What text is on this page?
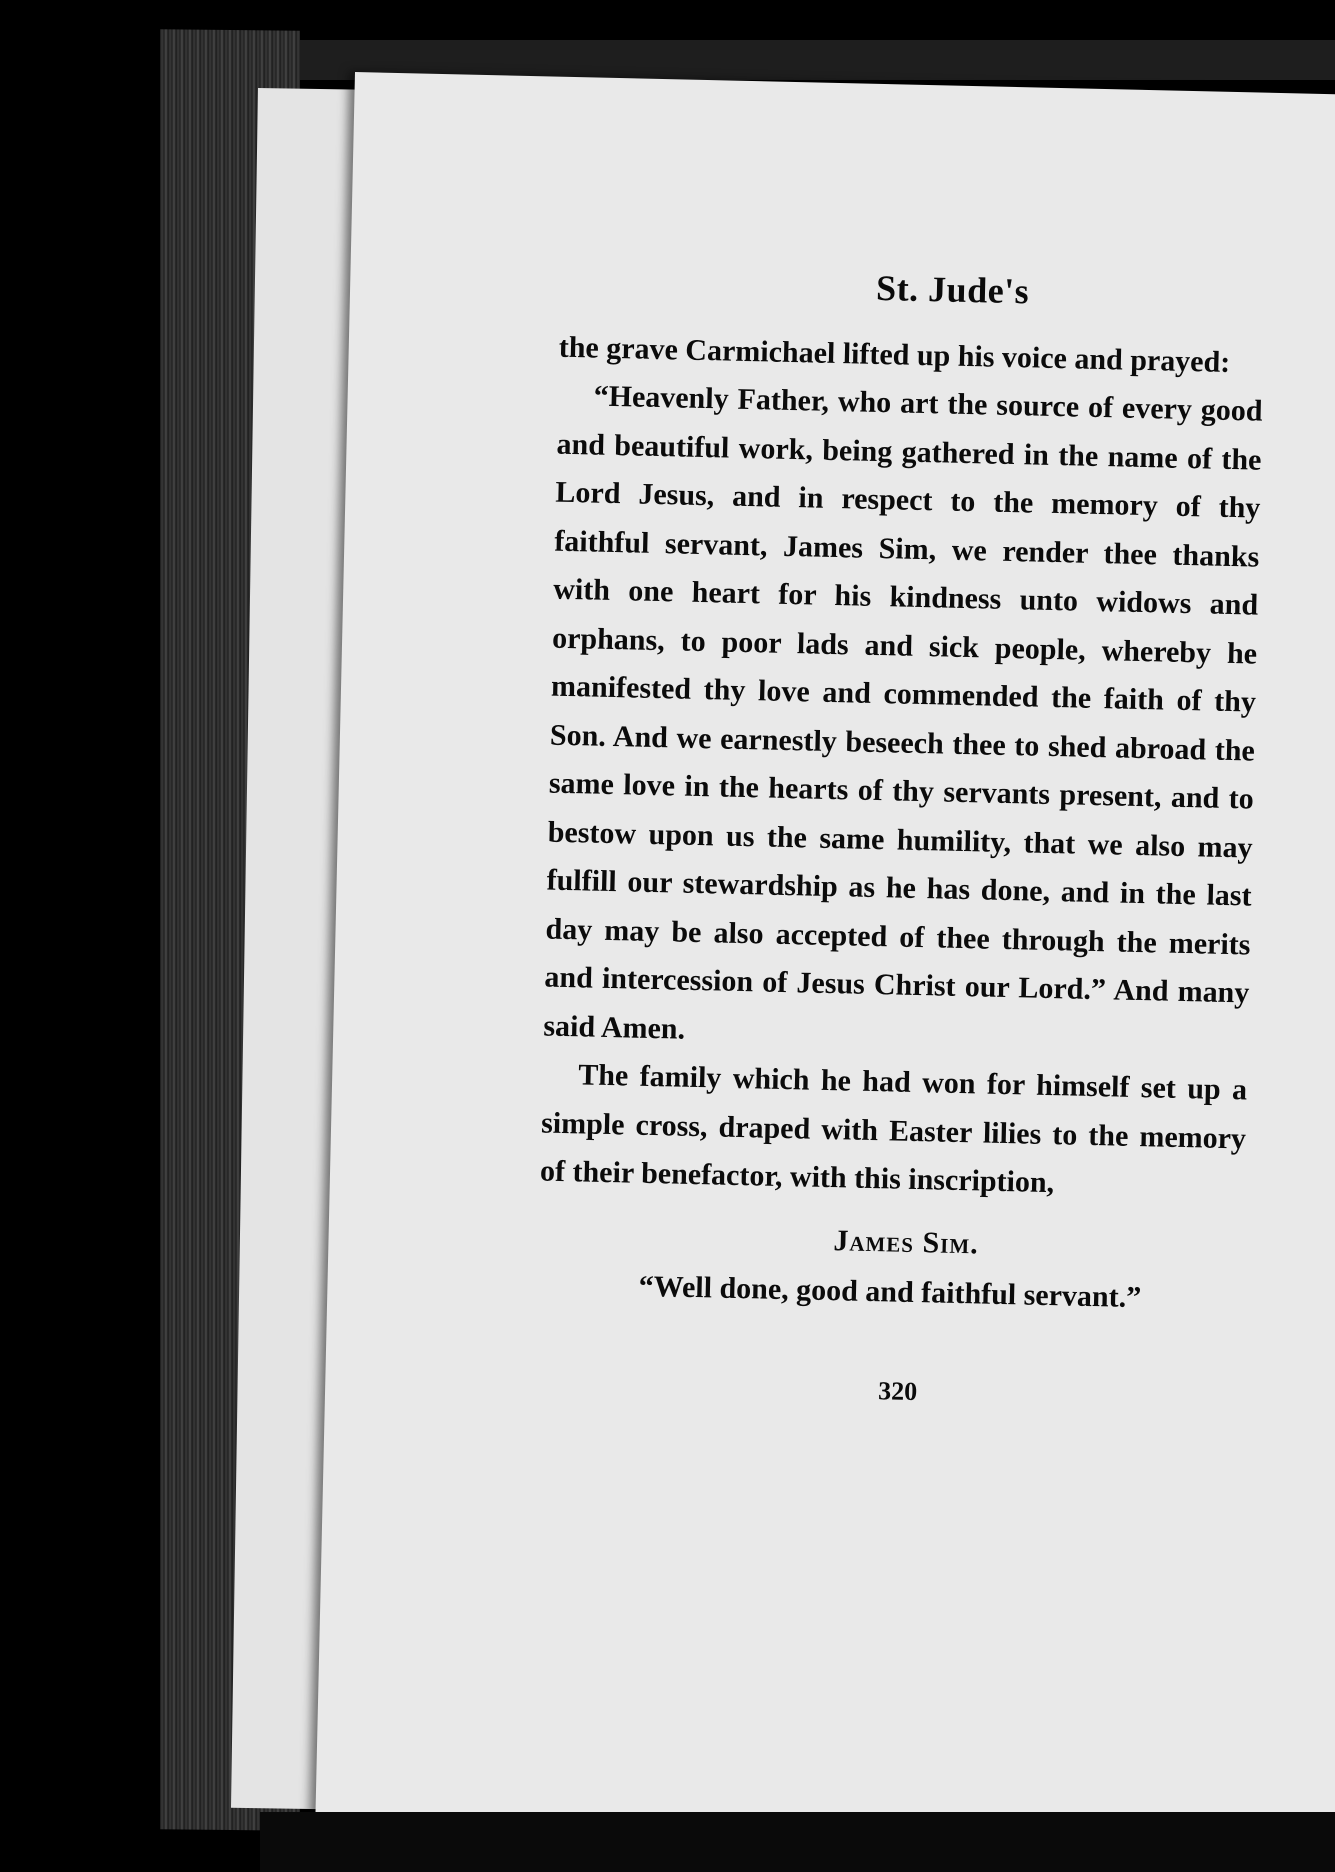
St. Jude's

the grave Carmichael lifted up his voice and prayed:

“Heavenly Father, who art the source of every good and beautiful work, being gathered in the name of the Lord Jesus, and in respect to the memory of thy faithful servant, James Sim, we render thee thanks with one heart for his kindness unto widows and orphans, to poor lads and sick people, whereby he manifested thy love and commended the faith of thy Son. And we earnestly beseech thee to shed abroad the same love in the hearts of thy servants present, and to bestow upon us the same humility, that we also may fulfill our stewardship as he has done, and in the last day may be also accepted of thee through the merits and intercession of Jesus Christ our Lord.” And many said Amen.

The family which he had won for himself set up a simple cross, draped with Easter lilies to the memory of their benefactor, with this inscription,

James Sim.
“Well done, good and faithful servant.”
320
